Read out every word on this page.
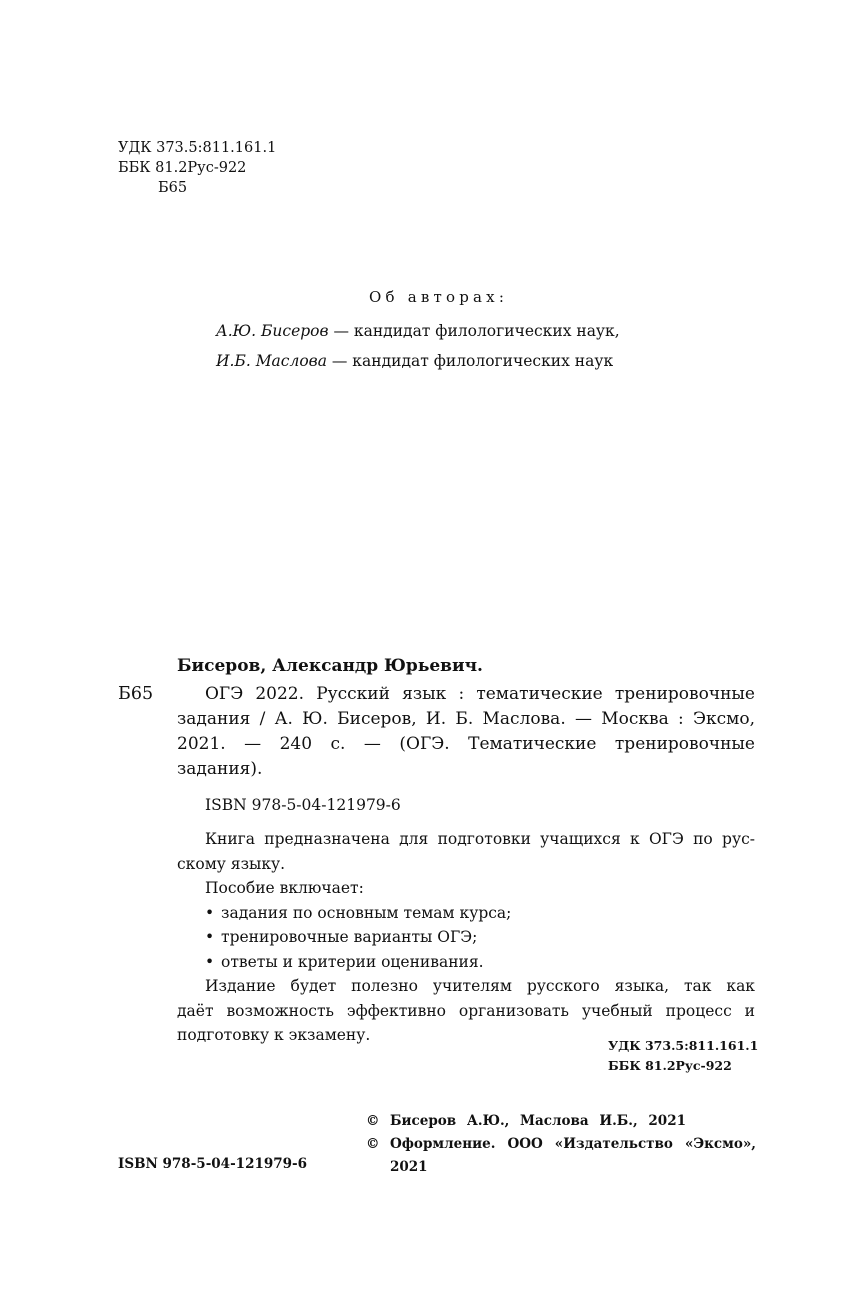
УДК 373.5:811.161.1
ББК 81.2Рус-922
Б65
Об авторах:
А.Ю. Бисеров — кандидат филологических наук,
И.Б. Маслова — кандидат филологических наук
Бисеров, Александр Юрьевич.
Б65	ОГЭ 2022. Русский язык : тематические тренировочные
задания / А. Ю. Бисеров, И. Б. Маслова. — Москва : Эксмо,
2021. — 240 с. — (ОГЭ. Тематические тренировочные
задания).
ISBN 978-5-04-121979-6
Книга предназначена для подготовки учащихся к ОГЭ по рус-
скому языку.
Пособие включает:
• задания по основным темам курса;
• тренировочные варианты ОГЭ;
• ответы и критерии оценивания.
Издание будет полезно учителям русского языка, так как
даёт возможность эффективно организовать учебный процесс и
подготовку к экзамену.
УДК 373.5:811.161.1
ББК 81.2Рус-922
© Бисеров А.Ю., Маслова И.Б., 2021
© Оформление. ООО «Издательство «Эксмо»,
2021
ISBN 978-5-04-121979-6
